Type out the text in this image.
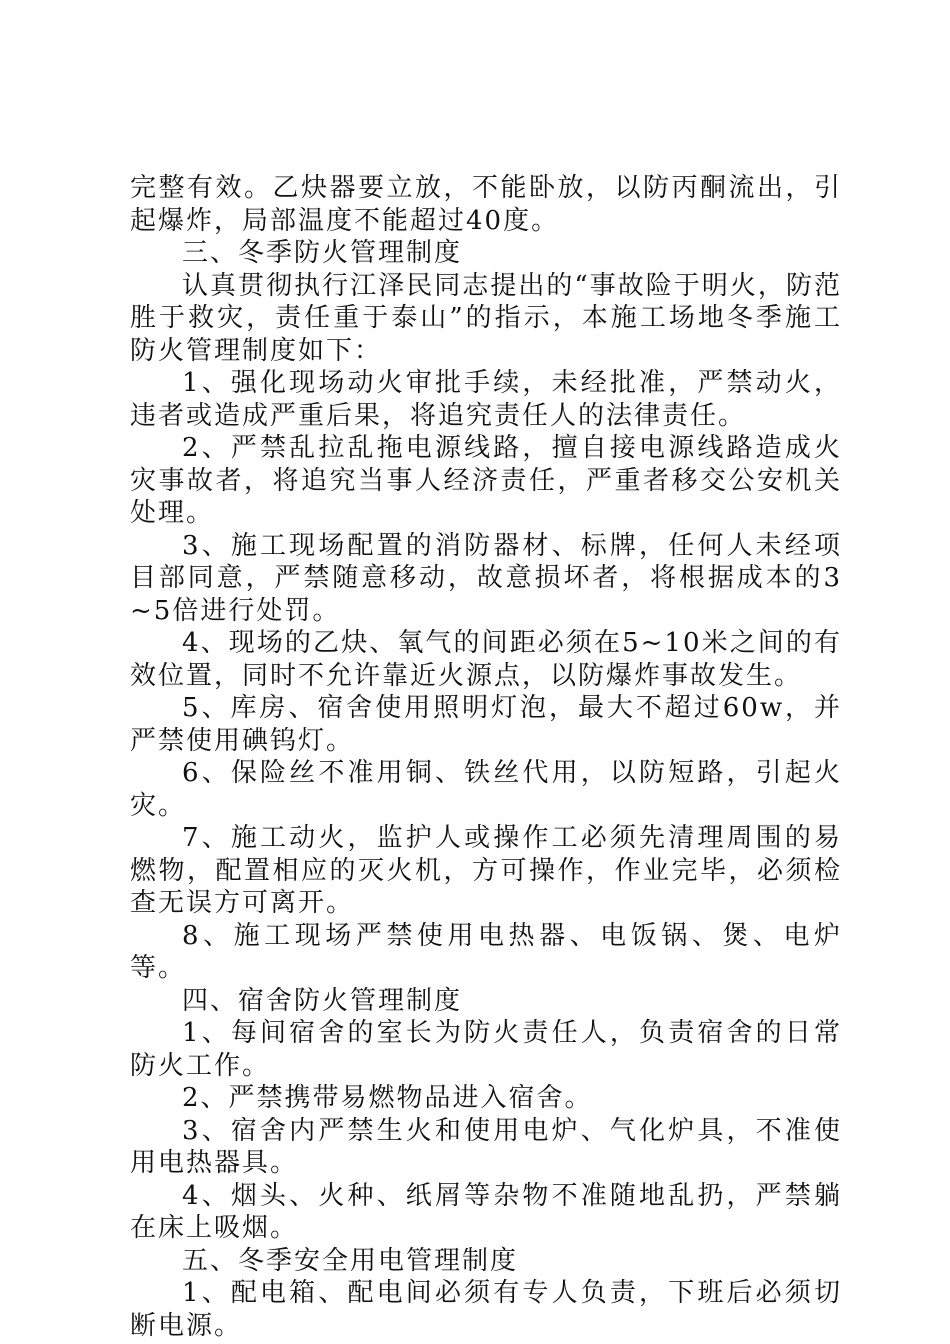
完整有效。乙炔器要立放，不能卧放，以防丙酮流出，引起爆炸，局部温度不能超过40度。

三、冬季防火管理制度

认真贯彻执行江泽民同志提出的“事故险于明火，防范胜于救灾，责任重于泰山”的指示，本施工场地冬季施工防火管理制度如下：

1、强化现场动火审批手续，未经批准，严禁动火，违者或造成严重后果，将追究责任人的法律责任。

2、严禁乱拉乱拖电源线路，擅自接电源线路造成火灾事故者，将追究当事人经济责任，严重者移交公安机关处理。

3、施工现场配置的消防器材、标牌，任何人未经项目部同意，严禁随意移动，故意损坏者，将根据成本的3~5倍进行处罚。

4、现场的乙炔、氧气的间距必须在5~10米之间的有效位置，同时不允许靠近火源点，以防爆炸事故发生。

5、库房、宿舍使用照明灯泡，最大不超过60w，并严禁使用碘钨灯。

6、保险丝不准用铜、铁丝代用，以防短路，引起火灾。

7、施工动火，监护人或操作工必须先清理周围的易燃物，配置相应的灭火机，方可操作，作业完毕，必须检查无误方可离开。

8、施工现场严禁使用电热器、电饭锅、煲、电炉等。

四、宿舍防火管理制度

1、每间宿舍的室长为防火责任人，负责宿舍的日常防火工作。

2、严禁携带易燃物品进入宿舍。

3、宿舍内严禁生火和使用电炉、气化炉具，不准使用电热器具。

4、烟头、火种、纸屑等杂物不准随地乱扔，严禁躺在床上吸烟。

五、冬季安全用电管理制度

1、配电箱、配电间必须有专人负责，下班后必须切断电源。
